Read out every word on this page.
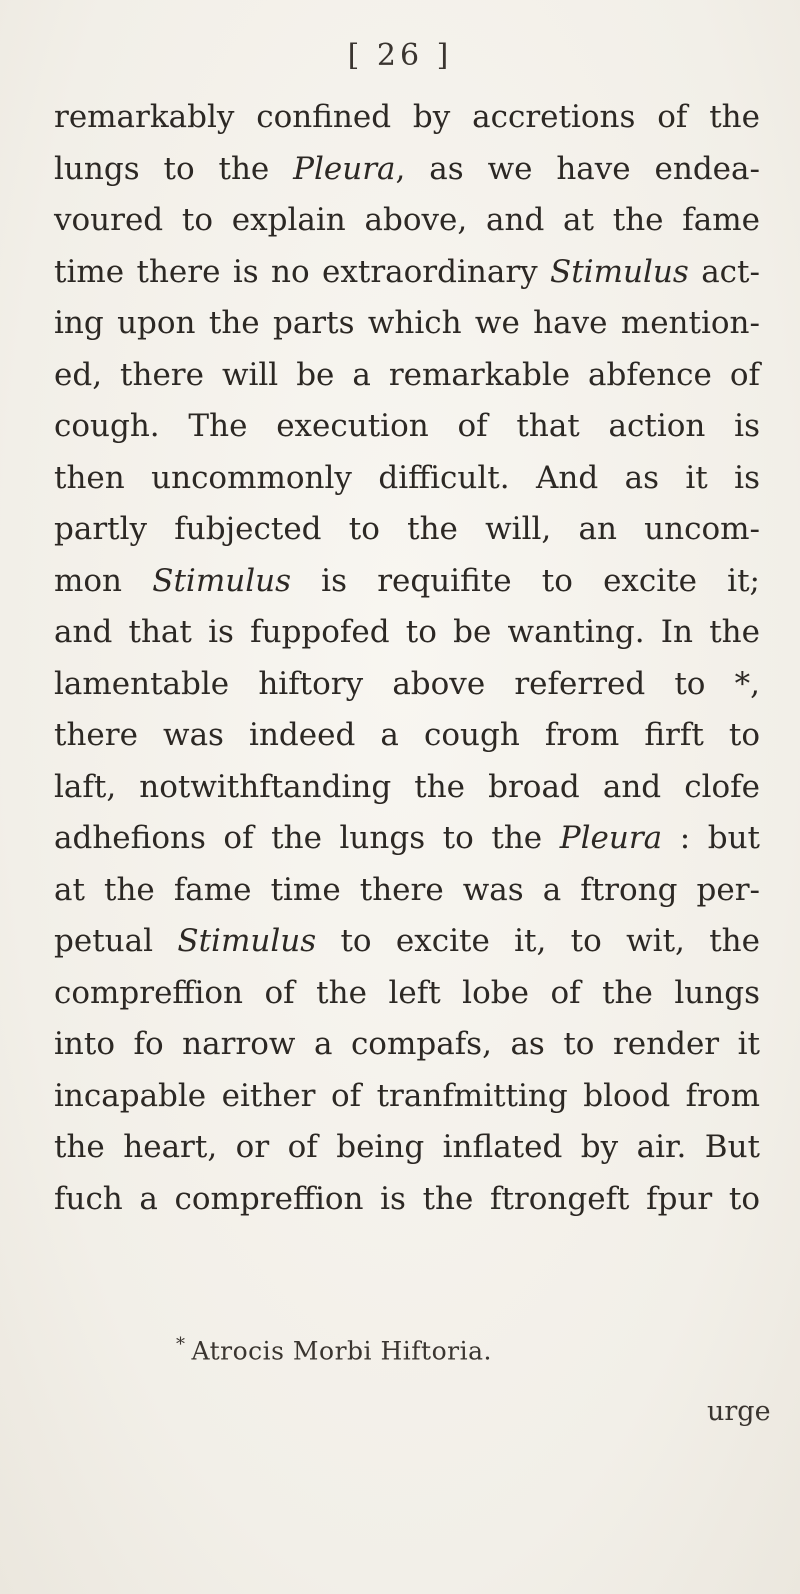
[ 26 ]
remarkably confined by accretions of the
lungs to the Pleura, as we have endea-
voured to explain above, and at the fame
time there is no extraordinary Stimulus act-
ing upon the parts which we have mention-
ed, there will be a remarkable abfence of
cough. The execution of that action is
then uncommonly difficult. And as it is
partly fubjected to the will, an uncom-
mon Stimulus is requifite to excite it;
and that is fuppofed to be wanting. In the
lamentable hiftory above referred to *,
there was indeed a cough from firft to
laft, notwithftanding the broad and clofe
adhefions of the lungs to the Pleura : but
at the fame time there was a ftrong per-
petual Stimulus to excite it, to wit, the
compreffion of the left lobe of the lungs
into fo narrow a compafs, as to render it
incapable either of tranfmitting blood from
the heart, or of being inflated by air. But
fuch a compreffion is the ftrongeft fpur to
* Atrocis Morbi Hiftoria.
urge
